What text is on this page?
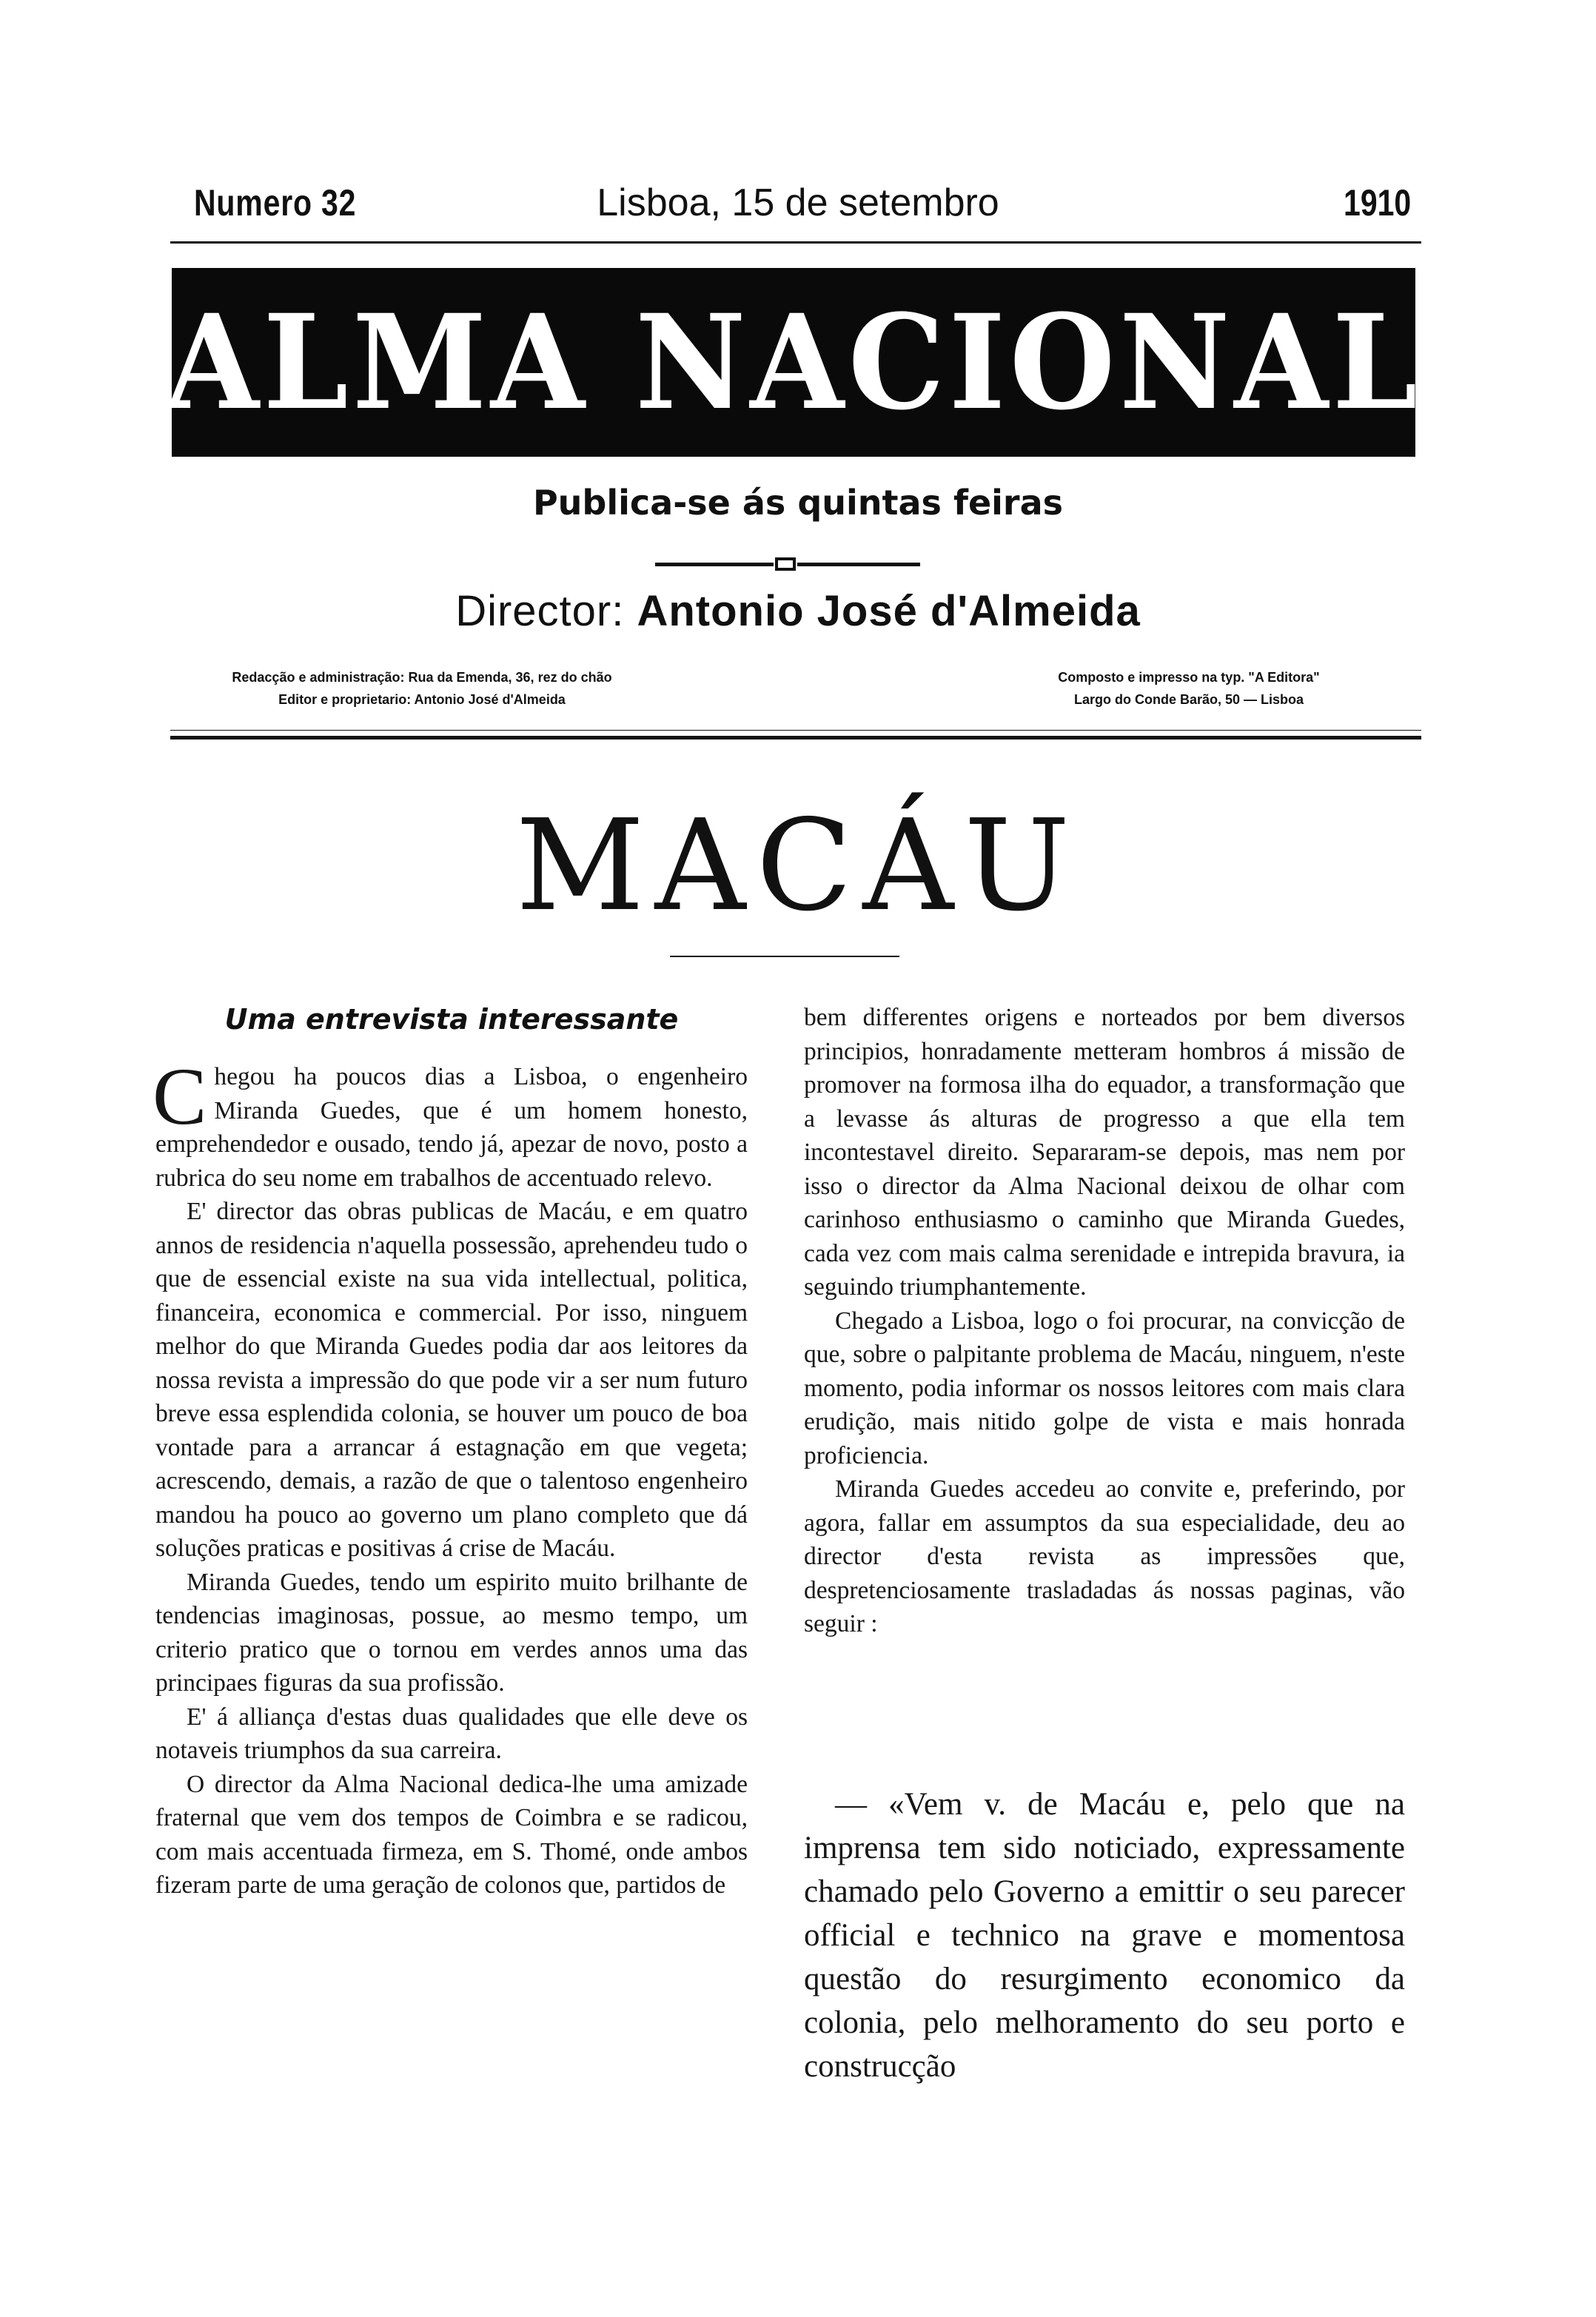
Numero 32	Lisboa, 15 de setembro	1910
ALMA NACIONAL
Publica-se ás quintas feiras
Director: Antonio José d'Almeida
Redacção e administração: Rua da Emenda, 36, rez do chão
Editor e proprietario: Antonio José d'Almeida
Composto e impresso na typ. "A Editora"
Largo do Conde Barão, 50 — Lisboa
MACÁU
Uma entrevista interessante

Chegou ha poucos dias a Lisboa, o engenheiro Miranda Guedes, que é um homem honesto, emprehendedor e ousado, tendo já, apezar de novo, posto a rubrica do seu nome em trabalhos de accentuado relevo.

E' director das obras publicas de Macáu, e em quatro annos de residencia n'aquella possessão, aprehendeu tudo o que de essencial existe na sua vida intellectual, politica, financeira, economica e commercial. Por isso, ninguem melhor do que Miranda Guedes podia dar aos leitores da nossa revista a impressão do que pode vir a ser num futuro breve essa esplendida colonia, se houver um pouco de boa vontade para a arrancar á estagnação em que vegeta; acrescendo, demais, a razão de que o talentoso engenheiro mandou ha pouco ao governo um plano completo que dá soluções praticas e positivas á crise de Macáu.

Miranda Guedes, tendo um espirito muito brilhante de tendencias imaginosas, possue, ao mesmo tempo, um criterio pratico que o tornou em verdes annos uma das principaes figuras da sua profissão.

E' á alliança d'estas duas qualidades que elle deve os notaveis triumphos da sua carreira.

O director da Alma Nacional dedica-lhe uma amizade fraternal que vem dos tempos de Coimbra e se radicou, com mais accentuada firmeza, em S. Thomé, onde ambos fizeram parte de uma geração de colonos que, partidos de

bem differentes origens e norteados por bem diversos principios, honradamente metteram hombros á missão de promover na formosa ilha do equador, a transformação que a levasse ás alturas de progresso a que ella tem incontestavel direito. Separaram-se depois, mas nem por isso o director da Alma Nacional deixou de olhar com carinhoso enthusiasmo o caminho que Miranda Guedes, cada vez com mais calma serenidade e intrepida bravura, ia seguindo triumphantemente.

Chegado a Lisboa, logo o foi procurar, na convicção de que, sobre o palpitante problema de Macáu, ninguem, n'este momento, podia informar os nossos leitores com mais clara erudição, mais nitido golpe de vista e mais honrada proficiencia.

Miranda Guedes accedeu ao convite e, preferindo, por agora, fallar em assumptos da sua especialidade, deu ao director d'esta revista as impressões que, despretenciosamente trasladadas ás nossas paginas, vão seguir :

— «Vem v. de Macáu e, pelo que na imprensa tem sido noticiado, expressamente chamado pelo Governo a emittir o seu parecer official e technico na grave e momentosa questão do resurgimento economico da colonia, pelo melhoramento do seu porto e construcção
